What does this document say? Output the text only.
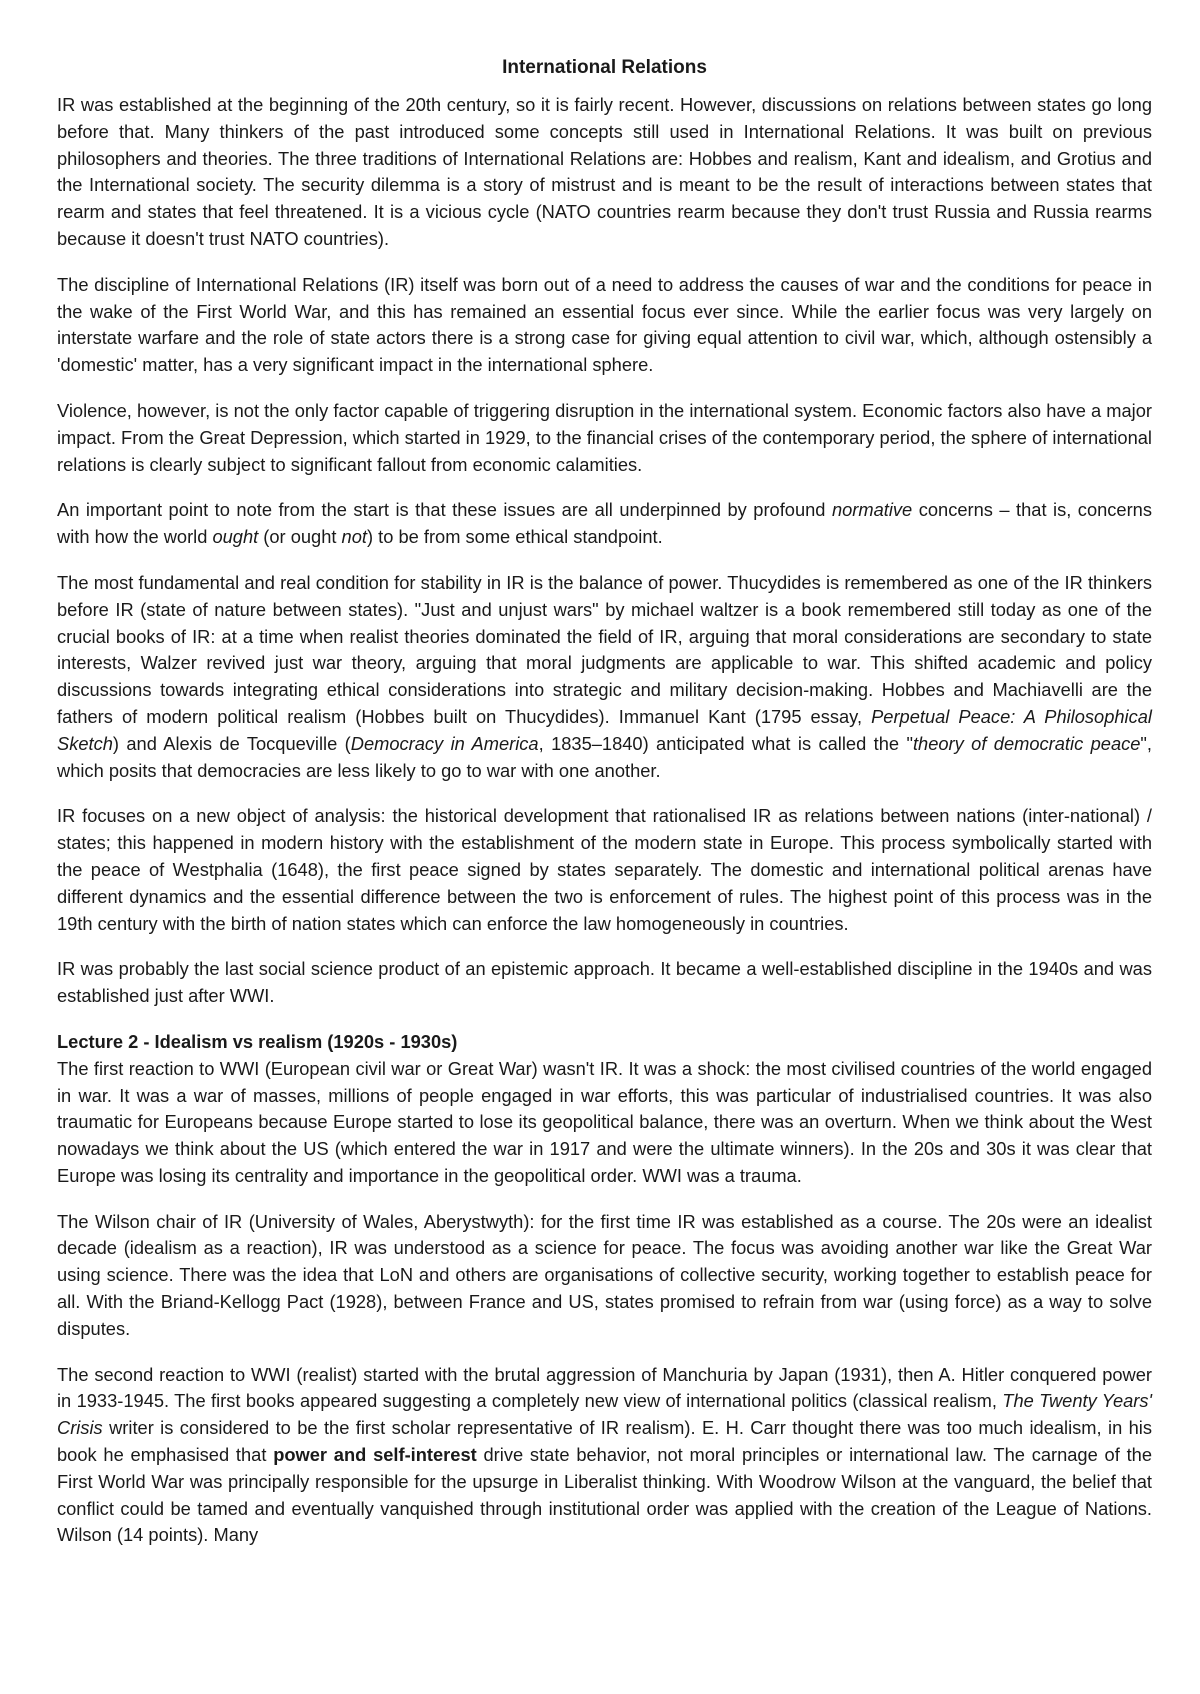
International Relations

IR was established at the beginning of the 20th century, so it is fairly recent. However, discussions on relations between states go long before that. Many thinkers of the past introduced some concepts still used in International Relations. It was built on previous philosophers and theories. The three traditions of International Relations are: Hobbes and realism, Kant and idealism, and Grotius and the International society. The security dilemma is a story of mistrust and is meant to be the result of interactions between states that rearm and states that feel threatened. It is a vicious cycle (NATO countries rearm because they don't trust Russia and Russia rearms because it doesn't trust NATO countries).

The discipline of International Relations (IR) itself was born out of a need to address the causes of war and the conditions for peace in the wake of the First World War, and this has remained an essential focus ever since. While the earlier focus was very largely on interstate warfare and the role of state actors there is a strong case for giving equal attention to civil war, which, although ostensibly a 'domestic' matter, has a very significant impact in the international sphere.

Violence, however, is not the only factor capable of triggering disruption in the international system. Economic factors also have a major impact. From the Great Depression, which started in 1929, to the financial crises of the contemporary period, the sphere of international relations is clearly subject to significant fallout from economic calamities.

An important point to note from the start is that these issues are all underpinned by profound normative concerns – that is, concerns with how the world ought (or ought not) to be from some ethical standpoint.

The most fundamental and real condition for stability in IR is the balance of power. Thucydides is remembered as one of the IR thinkers before IR (state of nature between states). "Just and unjust wars" by michael waltzer is a book remembered still today as one of the crucial books of IR: at a time when realist theories dominated the field of IR, arguing that moral considerations are secondary to state interests, Walzer revived just war theory, arguing that moral judgments are applicable to war. This shifted academic and policy discussions towards integrating ethical considerations into strategic and military decision-making. Hobbes and Machiavelli are the fathers of modern political realism (Hobbes built on Thucydides). Immanuel Kant (1795 essay, Perpetual Peace: A Philosophical Sketch) and Alexis de Tocqueville (Democracy in America, 1835–1840) anticipated what is called the "theory of democratic peace", which posits that democracies are less likely to go to war with one another.

IR focuses on a new object of analysis: the historical development that rationalised IR as relations between nations (inter-national) / states; this happened in modern history with the establishment of the modern state in Europe. This process symbolically started with the peace of Westphalia (1648), the first peace signed by states separately. The domestic and international political arenas have different dynamics and the essential difference between the two is enforcement of rules. The highest point of this process was in the 19th century with the birth of nation states which can enforce the law homogeneously in countries.

IR was probably the last social science product of an epistemic approach. It became a well-established discipline in the 1940s and was established just after WWI.

Lecture 2 - Idealism vs realism (1920s - 1930s)

The first reaction to WWI (European civil war or Great War) wasn't IR. It was a shock: the most civilised countries of the world engaged in war. It was a war of masses, millions of people engaged in war efforts, this was particular of industrialised countries. It was also traumatic for Europeans because Europe started to lose its geopolitical balance, there was an overturn. When we think about the West nowadays we think about the US (which entered the war in 1917 and were the ultimate winners). In the 20s and 30s it was clear that Europe was losing its centrality and importance in the geopolitical order. WWI was a trauma.

The Wilson chair of IR (University of Wales, Aberystwyth): for the first time IR was established as a course. The 20s were an idealist decade (idealism as a reaction), IR was understood as a science for peace. The focus was avoiding another war like the Great War using science. There was the idea that LoN and others are organisations of collective security, working together to establish peace for all. With the Briand-Kellogg Pact (1928), between France and US, states promised to refrain from war (using force) as a way to solve disputes.

The second reaction to WWI (realist) started with the brutal aggression of Manchuria by Japan (1931), then A. Hitler conquered power in 1933-1945. The first books appeared suggesting a completely new view of international politics (classical realism, The Twenty Years' Crisis writer is considered to be the first scholar representative of IR realism). E. H. Carr thought there was too much idealism, in his book he emphasised that power and self-interest drive state behavior, not moral principles or international law. The carnage of the First World War was principally responsible for the upsurge in Liberalist thinking. With Woodrow Wilson at the vanguard, the belief that conflict could be tamed and eventually vanquished through institutional order was applied with the creation of the League of Nations. Wilson (14 points). Many
